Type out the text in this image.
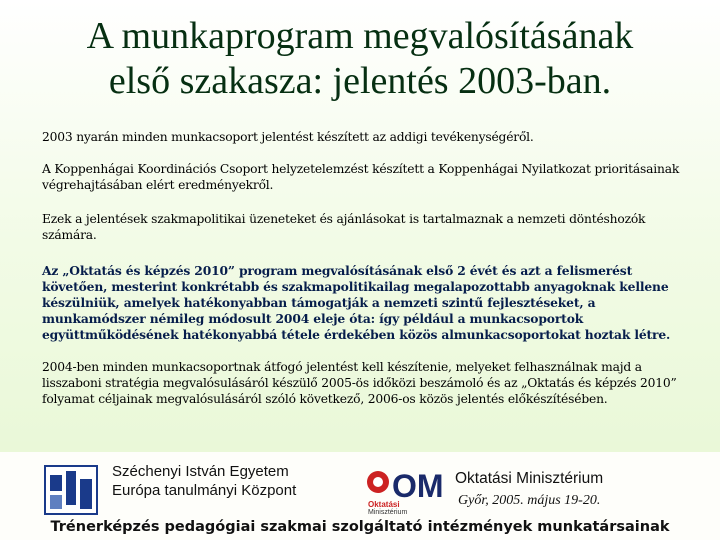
A munkaprogram megvalósításának
első szakasza: jelentés 2003-ban.

2003 nyarán minden munkacsoport jelentést készített az addigi tevékenységéről.

A Koppenhágai Koordinációs Csoport helyzetelemzést készített a Koppenhágai Nyilatkozat prioritásainak végrehajtásában elért eredményekről.

Ezek a jelentések szakmapolitikai üzeneteket és ajánlásokat is tartalmaznak a nemzeti döntéshozók számára.

Az „Oktatás és képzés 2010” program megvalósításának első 2 évét és azt a felismerést követően, mesterint konkrétabb és szakmapolitikailag megalapozottabb anyagoknak kellene készülniük, amelyek hatékonyabban támogatják a nemzeti szintű fejlesztéseket, a munkamódszer némileg módosult 2004 eleje óta: így például a munkacsoportok együttműködésének hatékonyabbá tétele érdekében közös almunkacsoportokat hoztak létre.

2004-ben minden munkacsoportnak átfogó jelentést kell készítenie, melyeket felhasználnak majd a lisszaboni stratégia megvalósulásáról készülő 2005-ös időközi beszámoló és az „Oktatás és képzés 2010” folyamat céljainak megvalósulásáról szóló következő, 2006-os közös jelentés előkészítésében.

Széchenyi István Egyetem
Európa tanulmányi Központ	OM
Oktatási
Minisztérium
Oktatási Minisztérium
Győr, 2005. május 19-20.
Trénerképzés pedagógiai szakmai szolgáltató intézmények munkatársainak
